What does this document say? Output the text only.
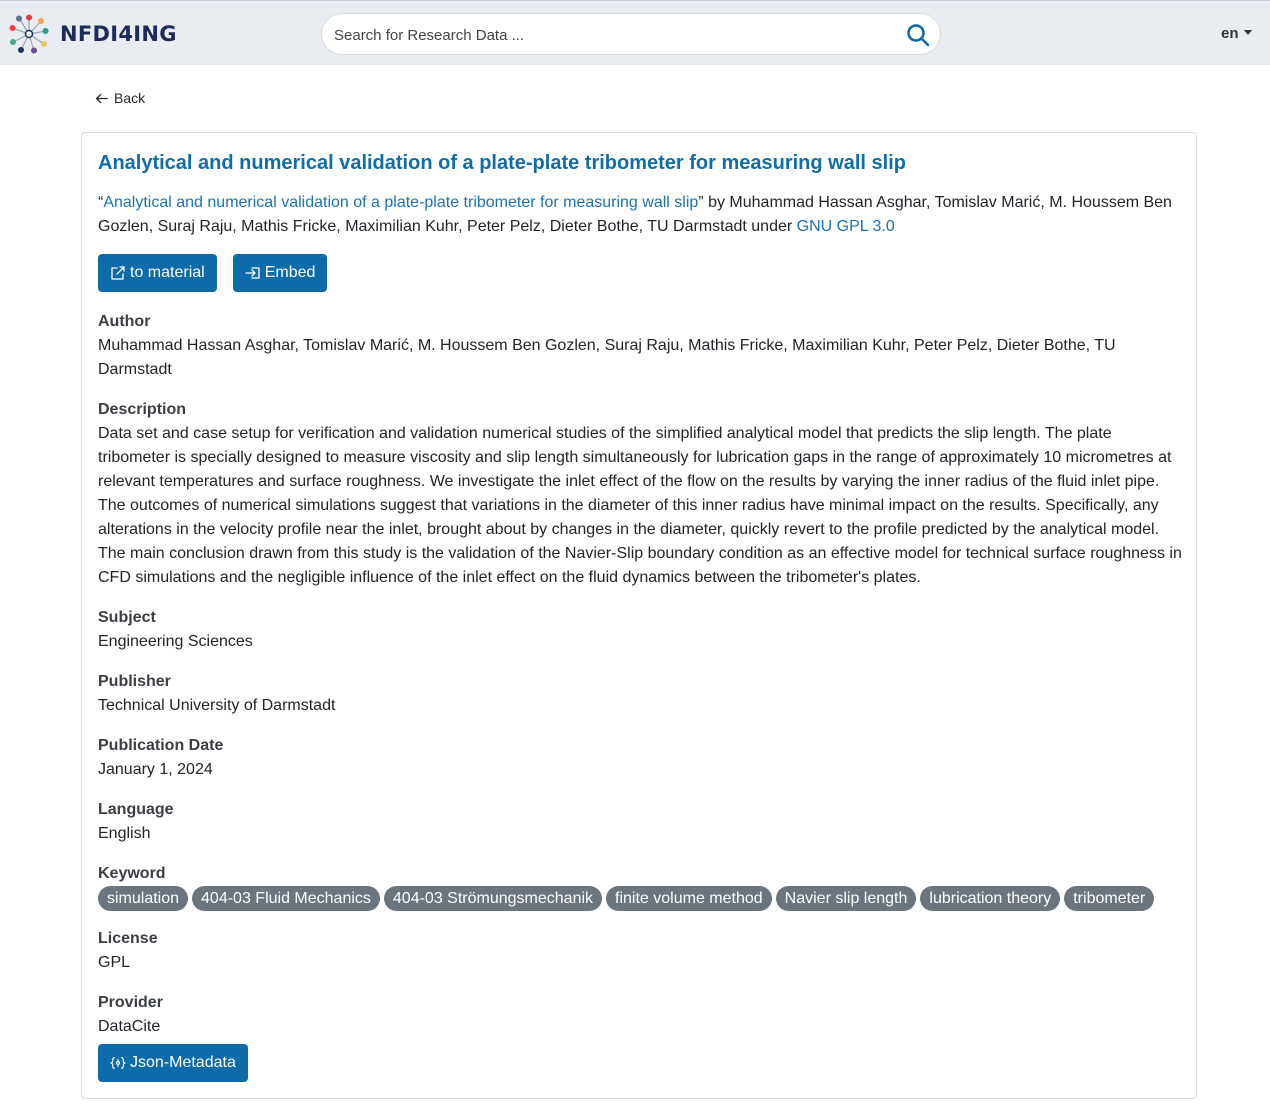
NFDI4ING
Search for Research Data ...	en
Back
Analytical and numerical validation of a plate-plate tribometer for measuring wall slip

“Analytical and numerical validation of a plate-plate tribometer for measuring wall slip” by Muhammad Hassan Asghar, Tomislav Marić, M. Houssem Ben Gozlen, Suraj Raju, Mathis Fricke, Maximilian Kuhr, Peter Pelz, Dieter Bothe, TU Darmstadt under GNU GPL 3.0

to material	Embed
Author
Muhammad Hassan Asghar, Tomislav Marić, M. Houssem Ben Gozlen, Suraj Raju, Mathis Fricke, Maximilian Kuhr, Peter Pelz, Dieter Bothe, TU Darmstadt
Description
Data set and case setup for verification and validation numerical studies of the simplified analytical model that predicts the slip length. The plate tribometer is specially designed to measure viscosity and slip length simultaneously for lubrication gaps in the range of approximately 10 micrometres at relevant temperatures and surface roughness. We investigate the inlet effect of the flow on the results by varying the inner radius of the fluid inlet pipe. The outcomes of numerical simulations suggest that variations in the diameter of this inner radius have minimal impact on the results. Specifically, any alterations in the velocity profile near the inlet, brought about by changes in the diameter, quickly revert to the profile predicted by the analytical model. The main conclusion drawn from this study is the validation of the Navier-Slip boundary condition as an effective model for technical surface roughness in CFD simulations and the negligible influence of the inlet effect on the fluid dynamics between the tribometer's plates.
Subject
Engineering Sciences
Publisher
Technical University of Darmstadt
Publication Date
January 1, 2024
Language
English
Keyword
simulation	404-03 Fluid Mechanics	404-03 Strömungsmechanik	finite volume method	Navier slip length	lubrication theory	tribometer
License
GPL
Provider
DataCite
Json-Metadata
